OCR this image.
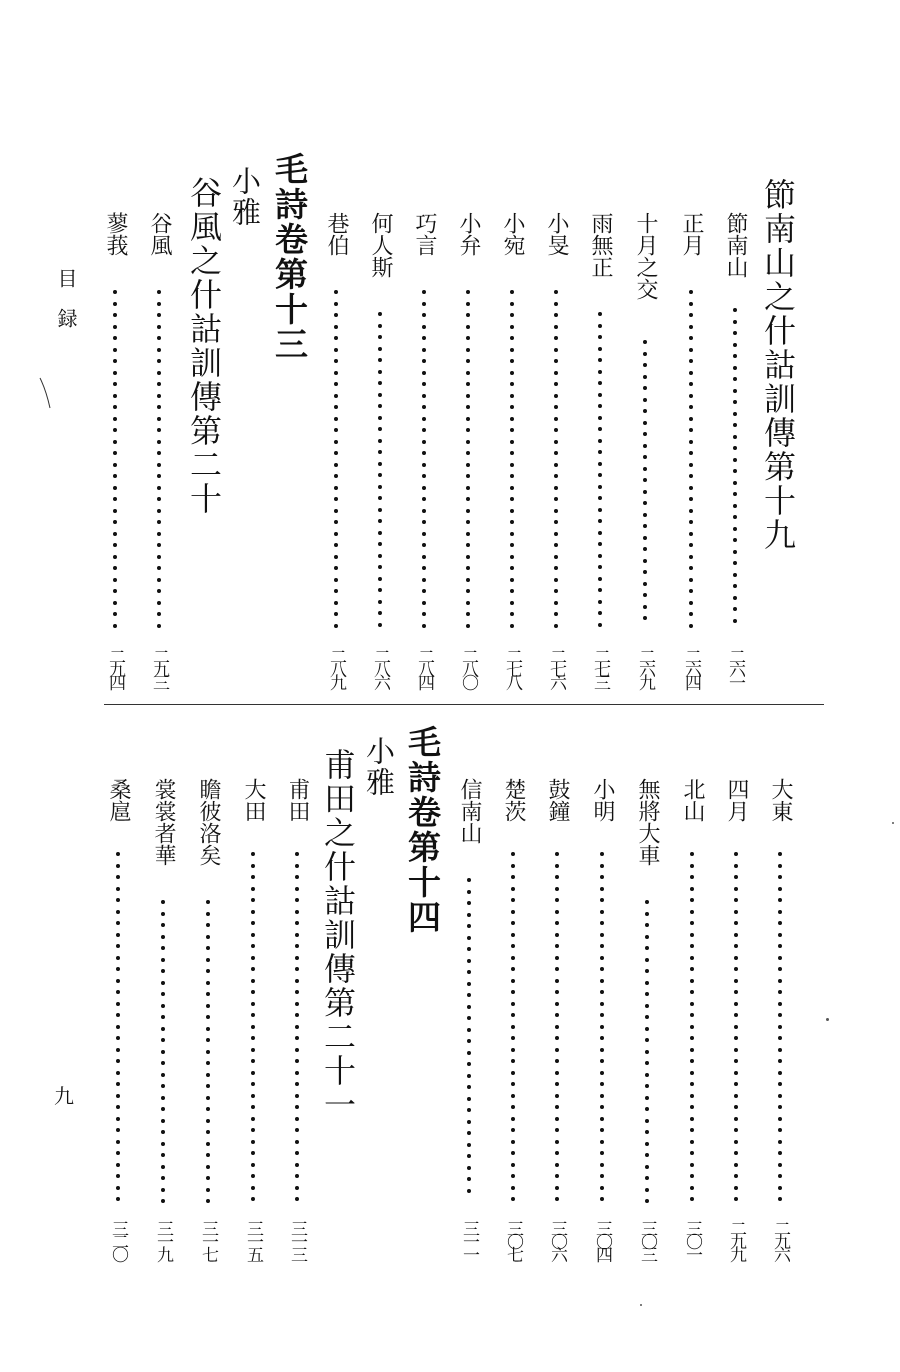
目録
九
節南山之什詁訓傳第十九
節南山
二六一
正月
二六四
十月之交
二六九
雨無正
二七三
小旻
二七六
小宛
二七八
小弁
二八〇
巧言
二八四
何人斯
二八六
巷伯
二八九
毛詩卷第十三
小雅
谷風之什詁訓傳第二十
谷風
二九三
蓼莪
二九四
大東
二九六
四月
二九九
北山
三〇一
無將大車
三〇三
小明
三〇四
鼓鐘
三〇六
楚茨
三〇七
信南山
三一一
毛詩卷第十四
小雅
甫田之什詁訓傳第二十一
甫田
三一三
大田
三一五
瞻彼洛矣
三一七
裳裳者華
三一九
桑扈
三二〇
